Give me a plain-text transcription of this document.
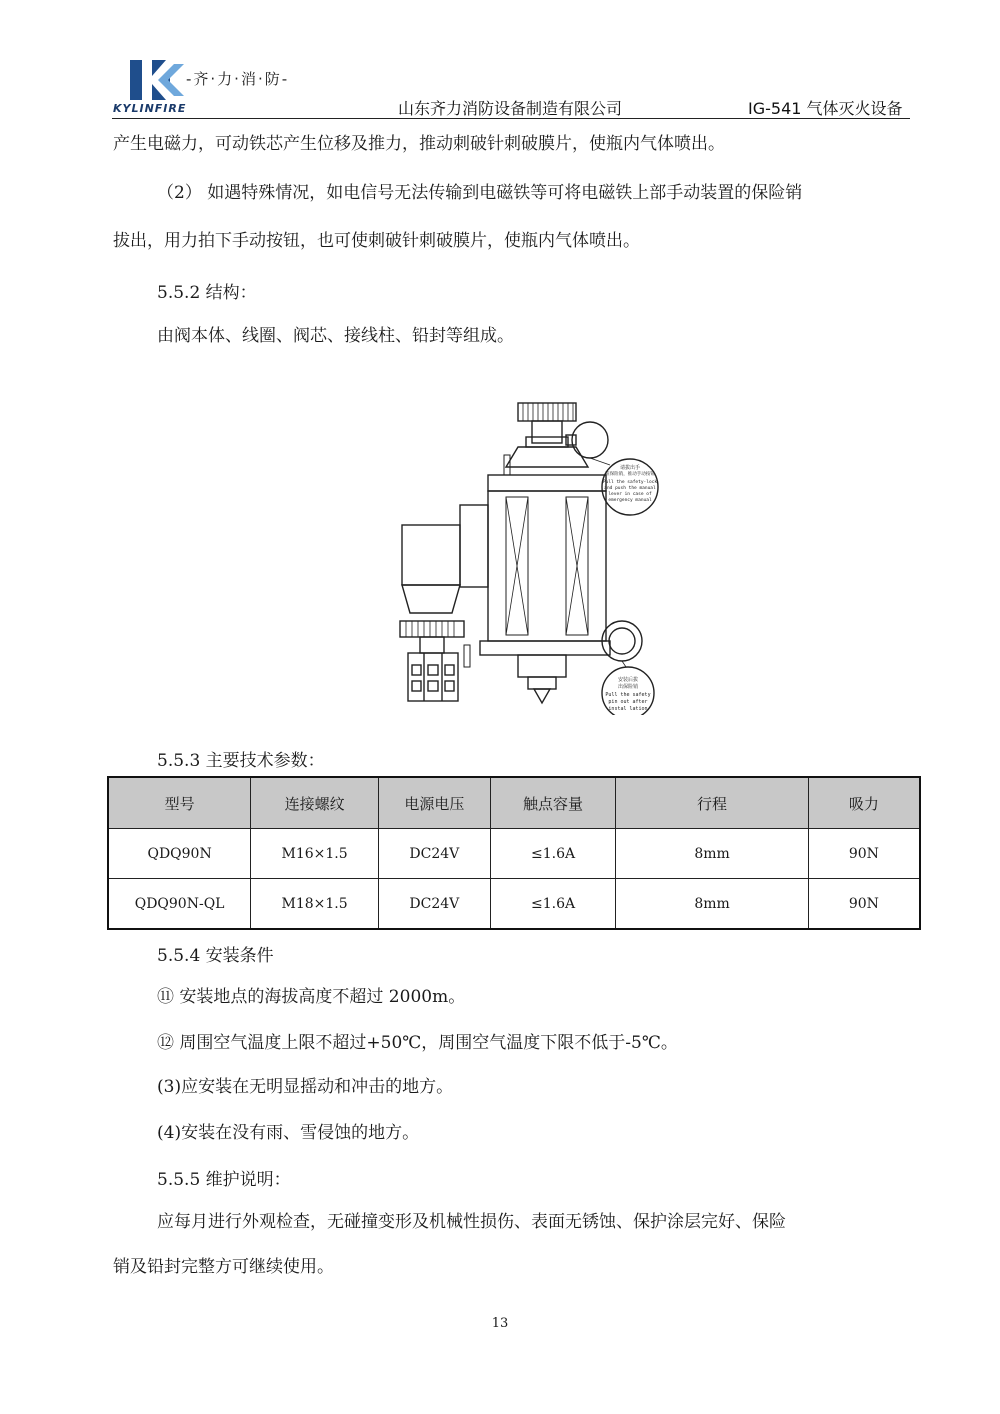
-齐·力·消·防-
KYLINFIRE	山东齐力消防设备制造有限公司	IG-541 气体灭火设备
产生电磁力，可动铁芯产生位移及推力，推动刺破针刺破膜片，使瓶内气体喷出。
（2） 如遇特殊情况，如电信号无法传输到电磁铁等可将电磁铁上部手动装置的保险销
拔出，用力拍下手动按钮，也可使刺破针刺破膜片，使瓶内气体喷出。
5.5.2 结构：
由阀本体、线圈、阀芯、接线柱、铅封等组成。
请拔出手
钮保险销，推动手动按钮
Pull the safety-lock
and push the manual
lever in case of
emergency manual
安装后拔
出保险销
Pull the safety
pin out after
instal lation
5.5.3 主要技术参数：
型号	连接螺纹	电源电压	触点容量	行程	吸力
QDQ90N	M16×1.5	DC24V	≤1.6A	8mm	90N
QDQ90N-QL	M18×1.5	DC24V	≤1.6A	8mm	90N
5.5.4 安装条件
⑪ 安装地点的海拔高度不超过 2000m。
⑫ 周围空气温度上限不超过+50℃，周围空气温度下限不低于-5℃。
(3)应安装在无明显摇动和冲击的地方。
(4)安装在没有雨、雪侵蚀的地方。
5.5.5 维护说明：
应每月进行外观检查，无碰撞变形及机械性损伤、表面无锈蚀、保护涂层完好、保险
销及铅封完整方可继续使用。
13
